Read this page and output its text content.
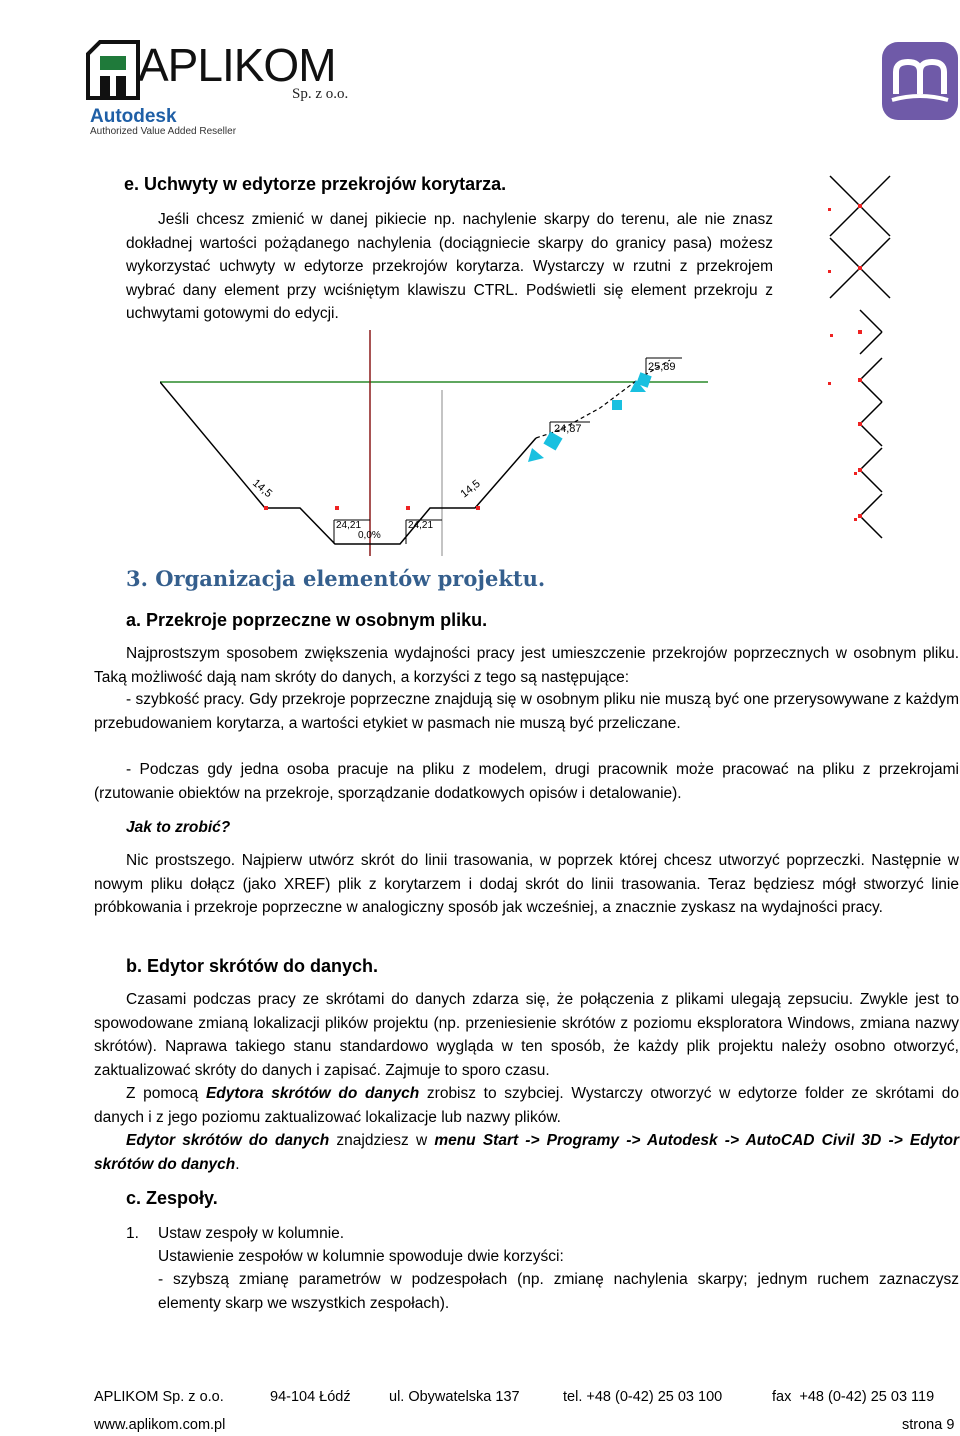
APLIKOM
Sp. z o.o.
Autodesk
Authorized Value Added Reseller
e. Uchwyty w edytorze przekrojów korytarza.
Jeśli chcesz zmienić w danej pikiecie np. nachylenie skarpy do terenu, ale nie znasz dokładnej wartości pożądanego nachylenia (dociągniecie skarpy do granicy pasa) możesz wykorzystać uchwyty w edytorze przekrojów korytarza. Wystarczy w rzutni z przekrojem wybrać dany element przy wciśniętym klawiszu CTRL. Podświetli się element przekroju z uchwytami gotowymi do edycji.
25,89
24,87
14,5	14,5
24,21	24,21
0,0%
3. Organizacja elementów projektu.
a. Przekroje poprzeczne w osobnym pliku.
Najprostszym sposobem zwiększenia wydajności pracy jest umieszczenie przekrojów poprzecznych w osobnym pliku. Taką możliwość dają nam skróty do danych, a korzyści z tego są następujące:
- szybkość pracy. Gdy przekroje poprzeczne znajdują się w osobnym pliku nie muszą być one przerysowywane z każdym przebudowaniem korytarza, a wartości etykiet w pasmach nie muszą być przeliczane.
- Podczas gdy jedna osoba pracuje na pliku z modelem, drugi pracownik może pracować na pliku z przekrojami (rzutowanie obiektów na przekroje, sporządzanie dodatkowych opisów i detalowanie).
Jak to zrobić?
Nic prostszego. Najpierw utwórz skrót do linii trasowania, w poprzek której chcesz utworzyć poprzeczki. Następnie w nowym pliku dołącz (jako XREF) plik z korytarzem i dodaj skrót do linii trasowania. Teraz będziesz mógł stworzyć linie próbkowania i przekroje poprzeczne w analogiczny sposób jak wcześniej, a znacznie zyskasz na wydajności pracy.
b. Edytor skrótów do danych.
Czasami podczas pracy ze skrótami do danych zdarza się, że połączenia z plikami ulegają zepsuciu. Zwykle jest to spowodowane zmianą lokalizacji plików projektu (np. przeniesienie skrótów z poziomu eksploratora Windows, zmiana nazwy skrótów). Naprawa takiego stanu standardowo wygląda w ten sposób, że każdy plik projektu należy osobno otworzyć, zaktualizować skróty do danych i zapisać. Zajmuje to sporo czasu.
Z pomocą Edytora skrótów do danych zrobisz to szybciej. Wystarczy otworzyć w edytorze folder ze skrótami do danych i z jego poziomu zaktualizować lokalizacje lub nazwy plików.
Edytor skrótów do danych znajdziesz w menu Start -> Programy -> Autodesk -> AutoCAD Civil 3D -> Edytor skrótów do danych.
c. Zespoły.
1. Ustaw zespoły w kolumnie.
Ustawienie zespołów w kolumnie spowoduje dwie korzyści:
- szybszą zmianę parametrów w podzespołach (np. zmianę nachylenia skarpy; jednym ruchem zaznaczysz elementy skarp we wszystkich zespołach).
APLIKOM Sp. z o.o.	94-104 Łódź	ul. Obywatelska 137	tel. +48 (0-42) 25 03 100	fax  +48 (0-42) 25 03 119
www.aplikom.com.pl	strona 9
